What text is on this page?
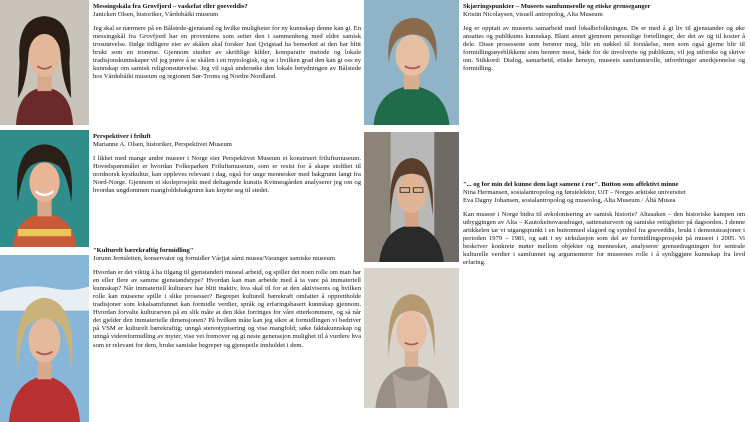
Messingskåla fra Grovfjord – vaskefat eller goeveddis?
Janicken Olsen, historiker, Vårdobáiki museum

Jeg skal se nærmere på en Bålstede-gjenstand og hvilke muligheter for ny kunnskap denne kan gi. En messingskål fra Grovfjord har en proveniens som setter den i sammenheng med eldre samisk trosutøvelse. Ifølge tidligere eier av skålen skal forsker Just Qvigstad ha bemerket at den har blitt brukt som en tromme. Gjennom studier av skriftlige kilder, komparativ metode og lokale tradisjonskunnskaper vil jeg prøve å se skålen i en mytologisk, og se i hvilken grad den kan gi oss ny kunnskap om samisk religionsutøvelse. Jeg vil også undersøke den lokale betydningen av Bålstede hos Vårdobáiki museum og regionen Sør-Troms og Nordre Nordland.

Skjæringspunkter – Museets samfunnsrolle og etiske grenseganger
Kristin Nicolaysen, visuell antropolog, Alta Museum

Jeg er opptatt av museets samarbeid med lokalbefolkningen. De er med å gi liv til gjenstander og øke ansattes og publikums kunnskap. Blant annet gjennom personlige fortellinger, der det av og til koster å dele. Disse prosessene som berører meg, blir en nøkkel til forståelse, men som også gjerne blir til formidlingsøyeblikkene som berører mest, både for de involverte og publikum, vil jeg utforske og skrive om. Stikkord: Dialog, samarbeid, etiske hensyn, museets samfunnsrolle, utfordringer anerkjennelse og formidling.

Perspektiver i friluft
Marianne A. Olsen, historiker, Perspektivet Museum

I likhet med mange andre museer i Norge eier Perspektivet Museum et konstruert friluftsmuseum. Hovedspørsmålet er hvordan Folkeparken Friluftsmuseum, som er resist for å skape stolthet til nordnorsk kystkultur, kan oppleves relevant i dag, også for unge mennesker med bakgrunn langt fra Nord-Norge. Gjennom et skoleprosjekt med deltagende kunstis Kvitnesgården analyserer jeg om og hvordan ungdommen mangfoldsbakgrunn kan knytte seg til stedet.

"... og for min del kunne dem lagt samene i ror". Button som affektivt minne
Nina Hermansen, sosialantropolog og førstelektor, UiT – Norges arktiske universitet
Eva Dagny Johansen, sosialantropolog og museolog, Alta Museum / Áltá Musea

Kan museer i Norge bidra til avkolonisering av samisk historie? Altasaken – den historiske kampen om utbyggingen av Alta – Kautokeinovassdraget, sattenaturvern og samiske rettigheter på dagsorden. I denne artikkelen tar vi utgangspunkt i en buttonmed slagord og symbol fra goeveddis, brukt i demonstrasjoner i perioden 1979 – 1981, og satt i ny sirkulasjon som del av formidlingsprosjekt på museet i 2005. Vi beskriver konkrete møter mellom objekter og mennesker, analyserer grensedragningen for sentrale kulturelle verdier i samfunnet og argumenterer for museenes rolle i å synliggjøre kunnskap fra levd erfaring.

"Kulturelt bærekraftig formidling"
Jorunn Jernsletten, konservator og formidler Várjjat sámi musea/Varanger samiske museum

Hvordan er det viktig å ha tilgang til gjenstanderi museal arbeid, og spiller det noen rolle om man har en eller flere av samme gjenstandstype? Hvordan kan man arbeide med å ta vare på immateriell kunnskap? Når immateriell kulturarv har blitt inaktiv, hva skal til for at den aktiviseres og hvilken rolle kan museene spille i slike prosesser? Begrepet kulturell bærekraft omfatter å opprettholde tradisjoner som lokalsamfunnet kan formidle verdier, språk og erfaringsbasert kunnskap gjennom. Hvordan forvalte kulturarven på en slik måte at den ikke forringes for våre etterkommere, og så når det gjelder den immaterielle dimensjonen? På hvilken måte kan jeg sikre at formidlingen vi bedriver på VSM er kulturelt bærekraftig; unngå stereotypisering og vise mangfold; søke faktakunnskap og unngå videreformidling av myter, vise vei fremover og gi neste generasjon mulighet til å vurdere hva som er relevant for dem, bruke samiske begreper og gjenspeile innholdet i dem.
